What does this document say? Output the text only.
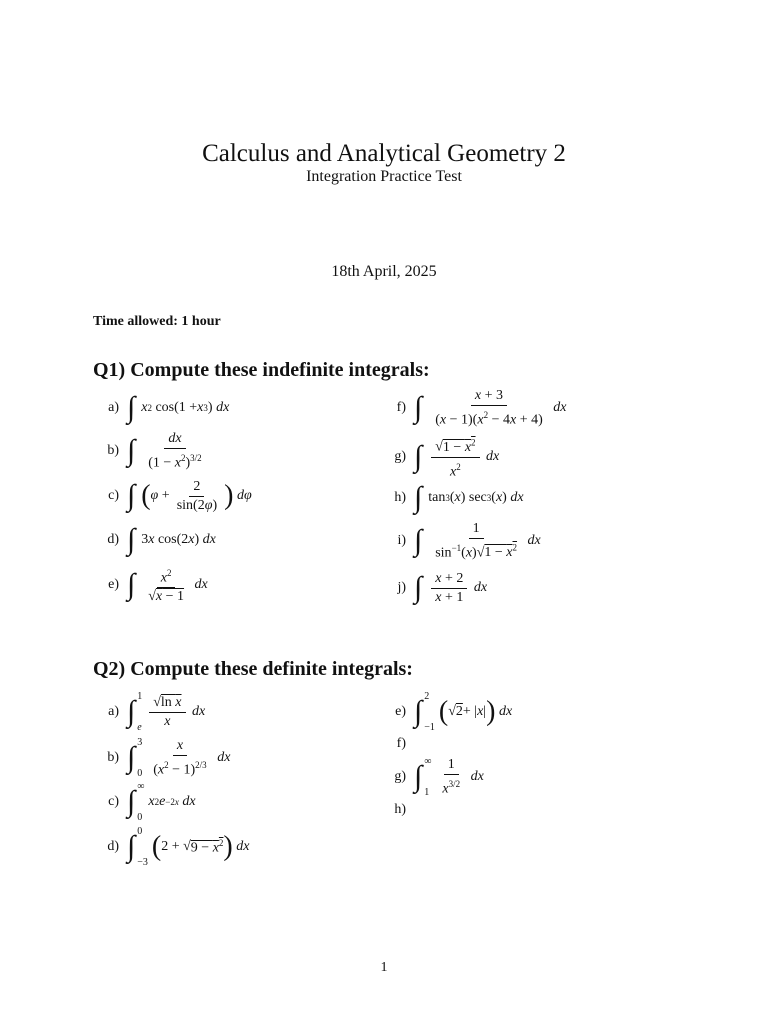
Calculus and Analytical Geometry 2
Integration Practice Test
18th April, 2025
Time allowed: 1 hour
Q1) Compute these indefinite integrals:
a) ∫ x 2 cos(1 + x 3 ) dx
b) ∫ $\frac{dx}{(1 - x^2)^{3/2}}$
c) ∫ ( $\varphi + \frac{2}{\sin(2\varphi)}$ )
dφ
d) ∫ 3 x cos(2 x ) dx
e) ∫ $\frac{x^2}{√x - 1}$
dx
f) ∫ $\frac{x + 3}{(x - 1)(x^2 - 4x + 4)}$
dx
g) ∫ $\frac{√1 - x^2}{x^2}$
dx
h) ∫ tan 3 ( x ) sec 3 ( x ) dx
i) ∫ $\frac{1}{\sin^{-1}(x)√1 - x^2}$
dx
j) ∫ $\frac{x + 2}{x + 1}$
dx
Q2) Compute these definite integrals:
a) ∫ 1
e $\frac{\text{√ln x}}{x}$
dx
b) ∫ 3
$0 \frac{x}{(x^2 - 1)^{2/3}}$
dx
c) ∫ ∞
0
x 2 e −2x
dx
d) ∫ 0
−3
( 2 + √ $9 - x^2$ )
dx
e) ∫ 2
−1
( √ 2 + | x | )
dx
f)
g) ∫ ∞
$1 \frac{1}{x^{3/2}}$
dx
h)
1
